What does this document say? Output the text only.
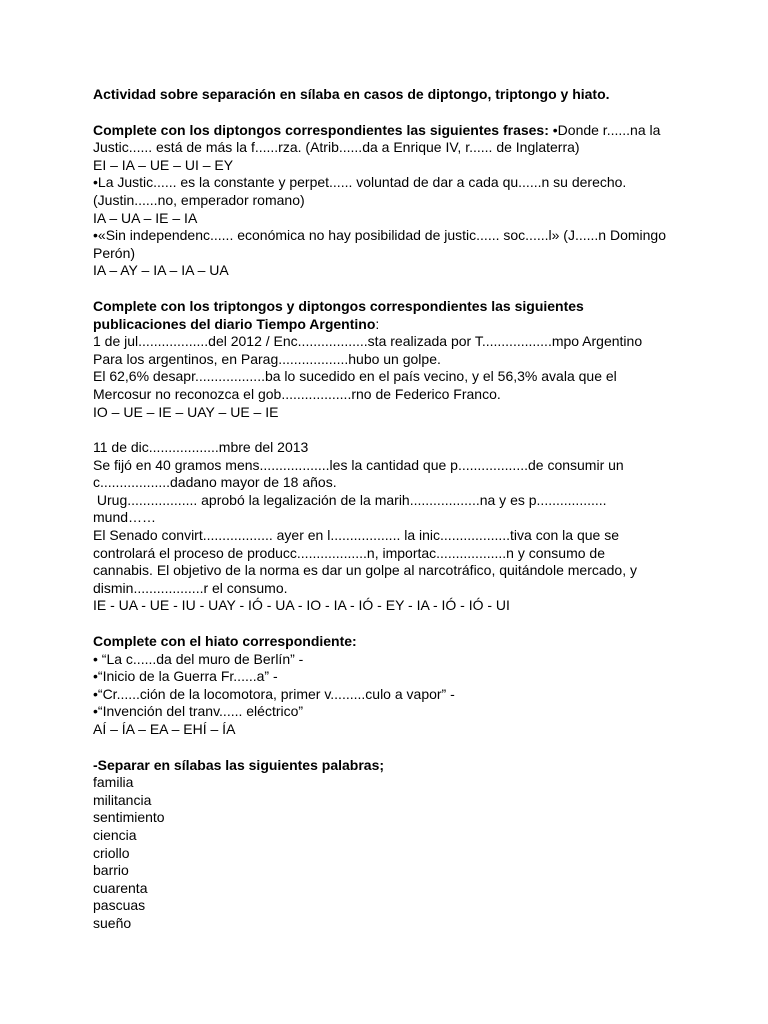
Actividad sobre separación en sílaba en casos de diptongo, triptongo y hiato.
Complete con los diptongos correspondientes las siguientes frases: •Donde r......na la
Justic...... está de más la f......rza. (Atrib......da a Enrique IV, r...... de Inglaterra)
EI – IA – UE – UI – EY
•La Justic...... es la constante y perpet...... voluntad de dar a cada qu......n su derecho.
(Justin......no, emperador romano)
IA – UA – IE – IA
•«Sin independenc...... económica no hay posibilidad de justic...... soc......l» (J......n Domingo
Perón)
IA – AY – IA – IA – UA
Complete con los triptongos y diptongos correspondientes las siguientes
publicaciones del diario Tiempo Argentino:
1 de jul..................del 2012 / Enc..................sta realizada por T..................mpo Argentino
Para los argentinos, en Parag..................hubo un golpe.
El 62,6% desapr..................ba lo sucedido en el país vecino, y el 56,3% avala que el
Mercosur no reconozca el gob..................rno de Federico Franco.
IO – UE – IE – UAY – UE – IE
11 de dic..................mbre del 2013
Se fijó en 40 gramos mens..................les la cantidad que p..................de consumir un
c..................dadano mayor de 18 años.
Urug.................. aprobó la legalización de la marih..................na y es p..................
mund……
El Senado convirt.................. ayer en l.................. la inic..................tiva con la que se
controlará el proceso de producc..................n, importac..................n y consumo de
cannabis. El objetivo de la norma es dar un golpe al narcotráfico, quitándole mercado, y
dismin..................r el consumo.
IE - UA - UE - IU - UAY - IÓ - UA - IO - IA - IÓ - EY - IA - IÓ - IÓ - UI
Complete con el hiato correspondiente:
• “La c......da del muro de Berlín” -
•“Inicio de la Guerra Fr......a” -
•“Cr......ción de la locomotora, primer v.........culo a vapor” -
•“Invención del tranv...... eléctrico”
AÍ – ÍA – EA – EHÍ – ÍA
-Separar en sílabas las siguientes palabras;
familia
militancia
sentimiento
ciencia
criollo
barrio
cuarenta
pascuas
sueño
